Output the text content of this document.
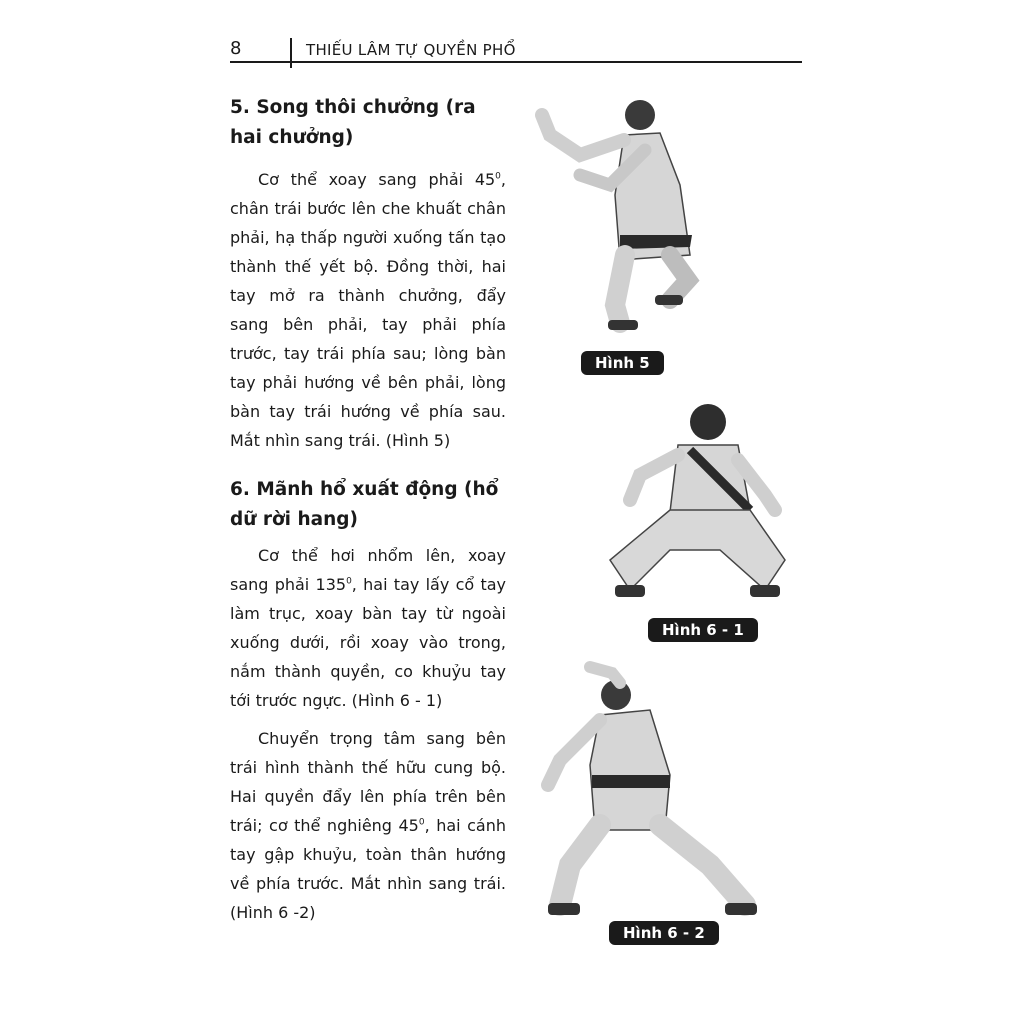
8	THIẾU LÂM TỰ QUYỀN PHỔ
5. Song thôi chưởng (ra hai chưởng)

Cơ thể xoay sang phải $45^0$, chân trái bước lên che khuất chân phải, hạ thấp người xuống tấn tạo thành thế yết bộ. Đồng thời, hai tay mở ra thành chưởng, đẩy sang bên phải, tay phải phía trước, tay trái phía sau; lòng bàn tay phải hướng về bên phải, lòng bàn tay trái hướng về phía sau. Mắt nhìn sang trái. (Hình 5)

6. Mãnh hổ xuất động (hổ dữ rời hang)

Cơ thể hơi nhổm lên, xoay sang phải $135^0$, hai tay lấy cổ tay làm trục, xoay bàn tay từ ngoài xuống dưới, rồi xoay vào trong, nắm thành quyền, co khuỷu tay tới trước ngực. (Hình 6 - 1)

Chuyển trọng tâm sang bên trái hình thành thế hữu cung bộ. Hai quyền đẩy lên phía trên bên trái; cơ thể nghiêng $45^0$, hai cánh tay gập khuỷu, toàn thân hướng về phía trước. Mắt nhìn sang trái. (Hình 6 -2)

Hình 5
Hình 6 - 1
Hình 6 - 2
